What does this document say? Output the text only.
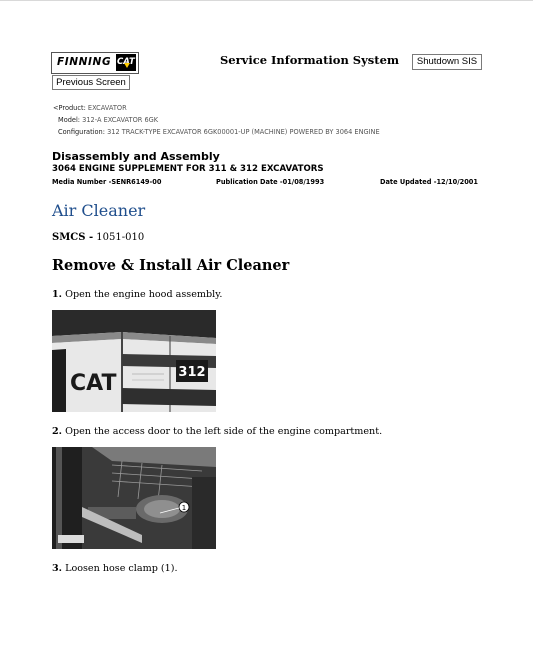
FINNING CAT	Service Information System	Shutdown SIS
Previous Screen
<Product: EXCAVATOR
Model: 312-A EXCAVATOR 6GK
Configuration: 312 TRACK-TYPE EXCAVATOR 6GK00001-UP (MACHINE) POWERED BY 3064 ENGINE
Disassembly and Assembly
3064 ENGINE SUPPLEMENT FOR 311 & 312 EXCAVATORS
Media Number -SENR6149-00	Publication Date -01/08/1993	Date Updated -12/10/2001
Air Cleaner
SMCS - 1051-010
Remove & Install Air Cleaner
1. Open the engine hood assembly.
312
CAT
2. Open the access door to the left side of the engine compartment.
1
3. Loosen hose clamp (1).
